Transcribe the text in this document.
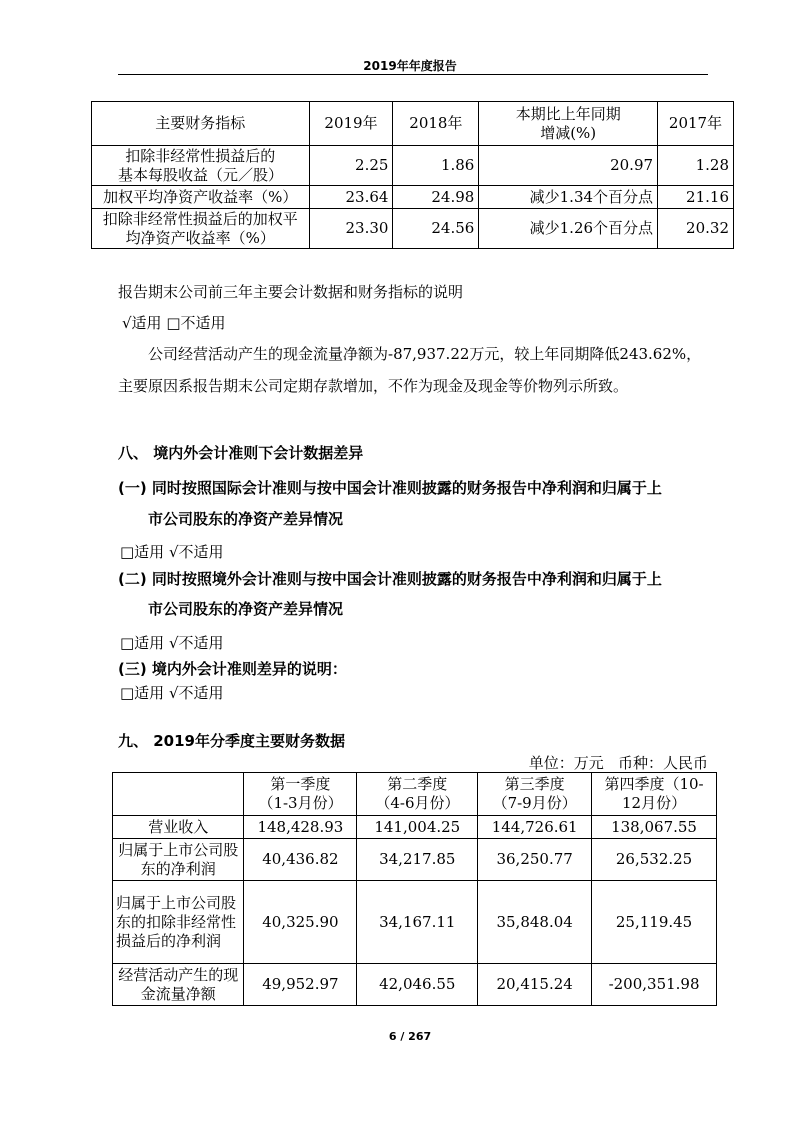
2019年年度报告
主要财务指标	2019年	2018年	本期比上年同期增减(%)	2017年
扣除非经常性损益后的基本每股收益（元／股）	2.25	1.86	20.97	1.28
加权平均净资产收益率（%）	23.64	24.98	减少1.34个百分点	21.16
扣除非经常性损益后的加权平均净资产收益率（%）	23.30	24.56	减少1.26个百分点	20.32
报告期末公司前三年主要会计数据和财务指标的说明
√适用 □不适用
公司经营活动产生的现金流量净额为-87,937.22万元，较上年同期降低243.62%，
主要原因系报告期末公司定期存款增加，不作为现金及现金等价物列示所致。
八、 境内外会计准则下会计数据差异
(一) 同时按照国际会计准则与按中国会计准则披露的财务报告中净利润和归属于上
市公司股东的净资产差异情况
□适用 √不适用
(二) 同时按照境外会计准则与按中国会计准则披露的财务报告中净利润和归属于上
市公司股东的净资产差异情况
□适用 √不适用
(三) 境内外会计准则差异的说明：
□适用 √不适用
九、 2019年分季度主要财务数据
单位：万元   币种：人民币
	第一季度（1-3月份）	第二季度（4-6月份）	第三季度（7-9月份）	第四季度（10-12月份）
营业收入	148,428.93	141,004.25	144,726.61	138,067.55
归属于上市公司股东的净利润	40,436.82	34,217.85	36,250.77	26,532.25
归属于上市公司股东的扣除非经常性损益后的净利润	40,325.90	34,167.11	35,848.04	25,119.45
经营活动产生的现金流量净额	49,952.97	42,046.55	20,415.24	-200,351.98
6 / 267
